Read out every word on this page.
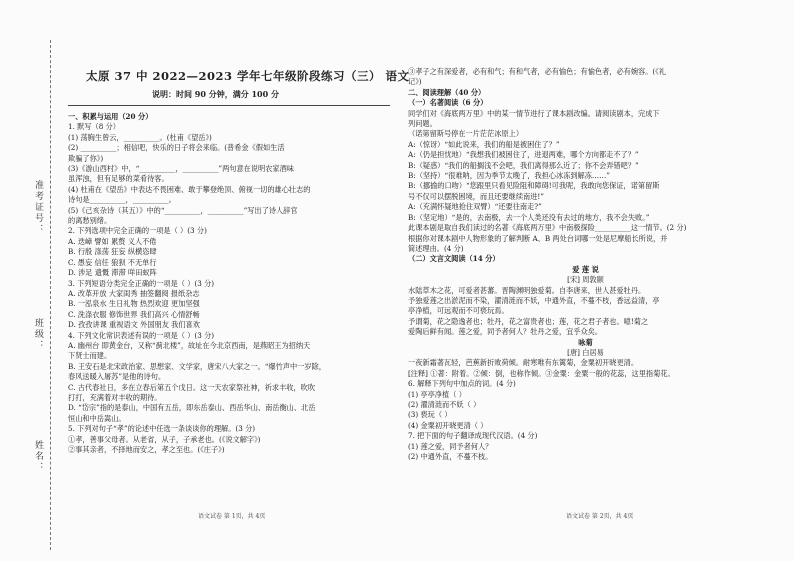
准考证号：
班级：
姓名：
太原 37 中 2022—2023 学年七年级阶段练习（三） 语文
说明：时间 90 分钟，满分 100 分
一、积累与运用（20 分）
1. 默写（8 分）
(1) 荡胸生曾云，__________。(杜甫《望岳》)
(2) __________；相信吧，快乐的日子将会来临。(普希金《假如生活
欺骗了你》)
(3)《游山西村》中，“__________，__________”两句意在说明农家酒味
虽浑浊，但有足够的菜肴待客。
(4) 杜甫在《望岳》中表达不畏困难、敢于攀登绝顶、俯视一切的雄心壮志的
诗句是__________，__________。
(5)《己亥杂诗（其五）》中的“__________，__________”写出了诗人辞官
的离愁别绪。
2. 下列选项中完全正确的一项是（ ）(3 分)
A. 迭嶂 譬如 累赘 义人不倦
B. 行殷 涤荡 狂妄 纵横恣肆
C. 愚妄 信任 狼狈 不无单行
D. 涉足 遗慨 滞滞 咩田蚁阵
3. 下列短语分类完全正确的一项是（ ）(3 分)
A. 改革开放 大家闺秀 抽签翻阅 报纸杂志
B. 一泓泉水 生日礼物 热烈欢迎 更加坚强
C. 洗涤衣服 修饰世界 我们高兴 心情舒畅
D. 孜孜讲课 重视语文 外国朋友 我们喜欢
4. 下列文化常识表述有误的一项是（ ）(3 分)
A. 幽州台 即黄金台，又称“蓟北楼”，故址在今北京西南，是燕昭王为招纳天
下贤士而建。
B. 王安石是北宋政治家、思想家、文学家，唐宋八大家之一。“爆竹声中一岁除，
春风送暖入屠苏”是他的诗句。
C. 古代春社日，多在立春后第五个戊日。这一天农家祭社神，祈求丰收，吹吹
打打，充满着对丰收的期待。
D. “岱宗”指的是泰山，中国有五岳，即东岳泰山、西岳华山、南岳衡山、北岳
恒山和中岳嵩山。
5. 下列对句子“孝”的论述中任选一条谈谈你的理解。(3 分)
①孝，善事父母者。从老省，从子，子承老也。(《说文解字》)
②事其亲者，不择地而安之，孝之至也。(《庄子》)
语文试卷 第 1页，共 4页
③孝子之有深爱者，必有和气；有和气者，必有愉色；有愉色者，必有婉容。(《礼
记》)
二、阅读理解（40 分）
（一）名著阅读（6 分）
同学们对《海底两万里》中的某一情节进行了课本剧改编。请阅读剧本，完成下
列问题。
（诺第留斯号停在一片茫茫冰原上）
A:（惊讶）“如此说来，我们的船是被困住了？”
A:（仍是担忧地）“我想我们被困住了，进退两难，哪个方向都走不了？”
B:（疑惑）“我们的船搁浅不会吧，我们离得那么近了；你不会弄错吧？”
B:（坚持）“很难呐，因为季节太晚了，我担心冰冻到解冻……”
B:（挪揄的口吻）“您跟里只看见险阻和障碍!可我呢，我敢向您保证，诺第留斯
号不仅可以摆脱困境，而且还要继续南进!”
A:（充满怀疑地抢住双臂）“还要往南走?”
B:（坚定地）“是的，去南极，去一个人类还没有去过的地方，我不会失败。”
此课本剧是取自我们读过的名著《海底两万里》中南极探险__________这一情节。(2 分)
根据你对课本剧中人物形象的了解判断 A、B 两处台词哪一处是尼摩船长所说，并
简述理由。(4 分)
（二）文言文阅读（14 分）
爱 莲 说
[宋] 周敦颐
水陆草木之花，可爱者甚蕃。晋陶渊明独爱菊。自李唐来，世人甚爱牡丹。
予独爱莲之出淤泥而不染，濯清涟而不妖，中通外直，不蔓不枝，香远益清，亭
亭净植，可远观而不可亵玩焉。
予谓菊，花之隐逸者也；牡丹，花之富贵者也；莲，花之君子者也。噫!菊之
爱陶后鲜有闻。莲之爱，同予者何人？牡丹之爱，宜乎众矣。
咏菊
[唐] 白居易
一夜新霜著瓦轻，芭蕉新折败荷倾。耐寒唯有东篱菊，金粟初开晓更清。
[注释] ①著：附着。②倾：倒，也称作倾。③金粟：金粟一般的花蕊，这里指菊花。
6. 解释下列句中加点的词。(4 分)
(1) 亭亭净植（ ）
(2) 濯清涟而不妖（ ）
(3) 亵玩（ ）
(4) 金粟初开晓更清（ ）
7. 把下面的句子翻译成现代汉语。(4 分)
(1) 莲之爱，同予者何人？
(2) 中通外直，不蔓不枝。
语文试卷 第 2页，共 4页
